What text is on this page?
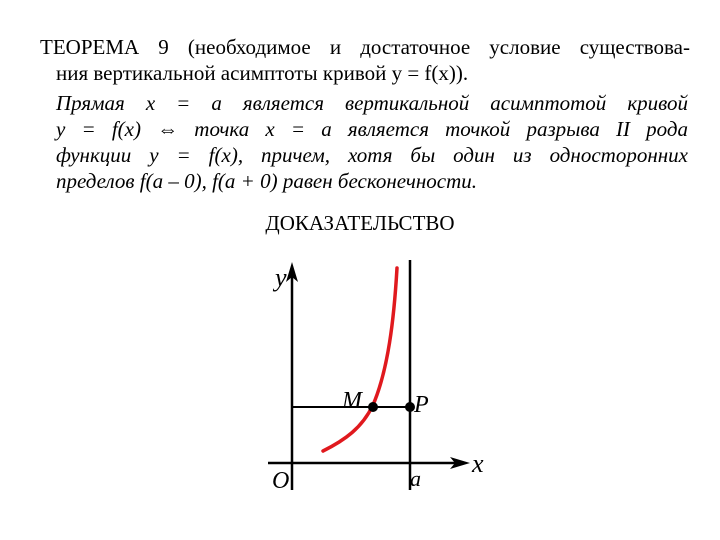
ТЕОРЕМА 9 (необходимое и достаточное условие существова-
ния вертикальной асимптоты кривой y = f(x)).
Прямая x = a является вертикальной асимптотой кривой
y = f(x) ⇔ точка x = a является точкой разрыва II рода
функции y = f(x), причем, хотя бы один из односторонних
пределов f(a – 0), f(a + 0) равен бесконечности.
ДОКАЗАТЕЛЬСТВО
y
x
O	a
M P
